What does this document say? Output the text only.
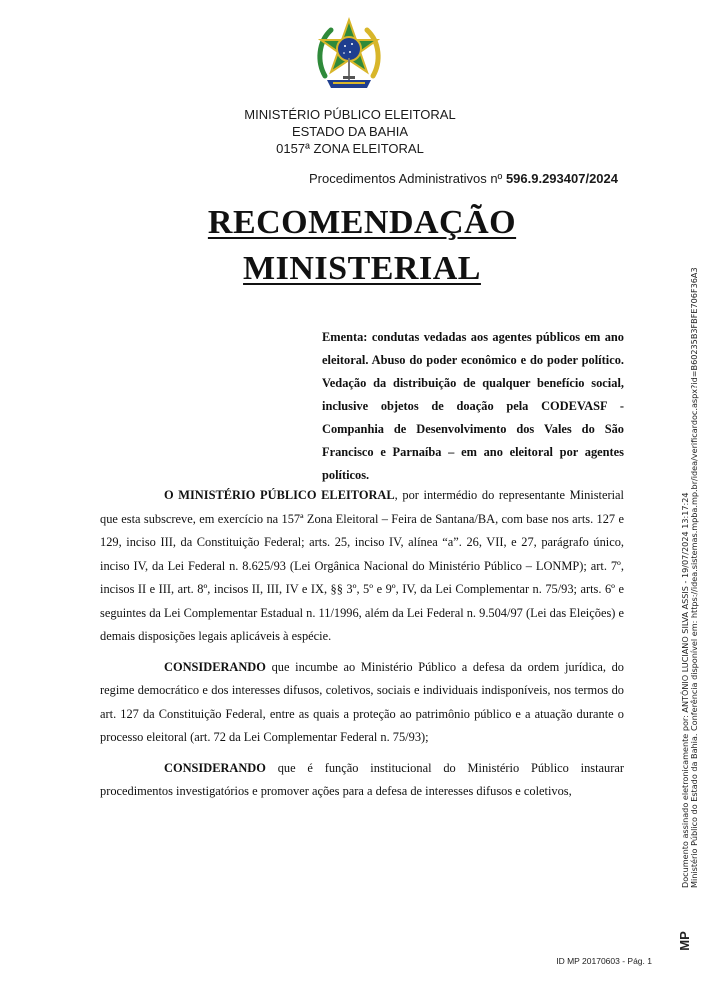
MINISTÉRIO PÚBLICO ELEITORAL
ESTADO DA BAHIA
0157ª ZONA ELEITORAL
Procedimentos Administrativos nº 596.9.293407/2024
RECOMENDAÇÃO
MINISTERIAL
Ementa: condutas vedadas aos agentes públicos em ano eleitoral. Abuso do poder econômico e do poder político. Vedação da distribuição de qualquer benefício social, inclusive objetos de doação pela CODEVASF - Companhia de Desenvolvimento dos Vales do São Francisco e Parnaíba – em ano eleitoral por agentes políticos.

O MINISTÉRIO PÚBLICO ELEITORAL, por intermédio do representante Ministerial que esta subscreve, em exercício na 157ª Zona Eleitoral – Feira de Santana/BA, com base nos arts. 127 e 129, inciso III, da Constituição Federal; arts. 25, inciso IV, alínea “a”. 26, VII, e 27, parágrafo único, inciso IV, da Lei Federal n. 8.625/93 (Lei Orgânica Nacional do Ministério Público – LONMP); art. 7º, incisos II e III, art. 8º, incisos II, III, IV e IX, §§ 3º, 5º e 9º, IV, da Lei Complementar n. 75/93; arts. 6º e seguintes da Lei Complementar Estadual n. 11/1996, além da Lei Federal n. 9.504/97 (Lei das Eleições) e demais disposições legais aplicáveis à espécie.

CONSIDERANDO que incumbe ao Ministério Público a defesa da ordem jurídica, do regime democrático e dos interesses difusos, coletivos, sociais e individuais indisponíveis, nos termos do art. 127 da Constituição Federal, entre as quais a proteção ao patrimônio público e a atuação durante o processo eleitoral (art. 72 da Lei Complementar Federal n. 75/93);

CONSIDERANDO que é função institucional do Ministério Público instaurar procedimentos investigatórios e promover ações para a defesa de interesses difusos e coletivos,	Documento assinado eletronicamente por: ANTÔNIO LUCIANO SILVA ASSIS - 19/07/2024 13:17:24 Ministério Público do Estado da Bahia. Conferência disponível em: https://idea.sistemas.mpba.mp.br/idea/verificardoc.aspx?id=B60235B3FBFE706F36A3
MP
ID MP 20170603 - Pág. 1
